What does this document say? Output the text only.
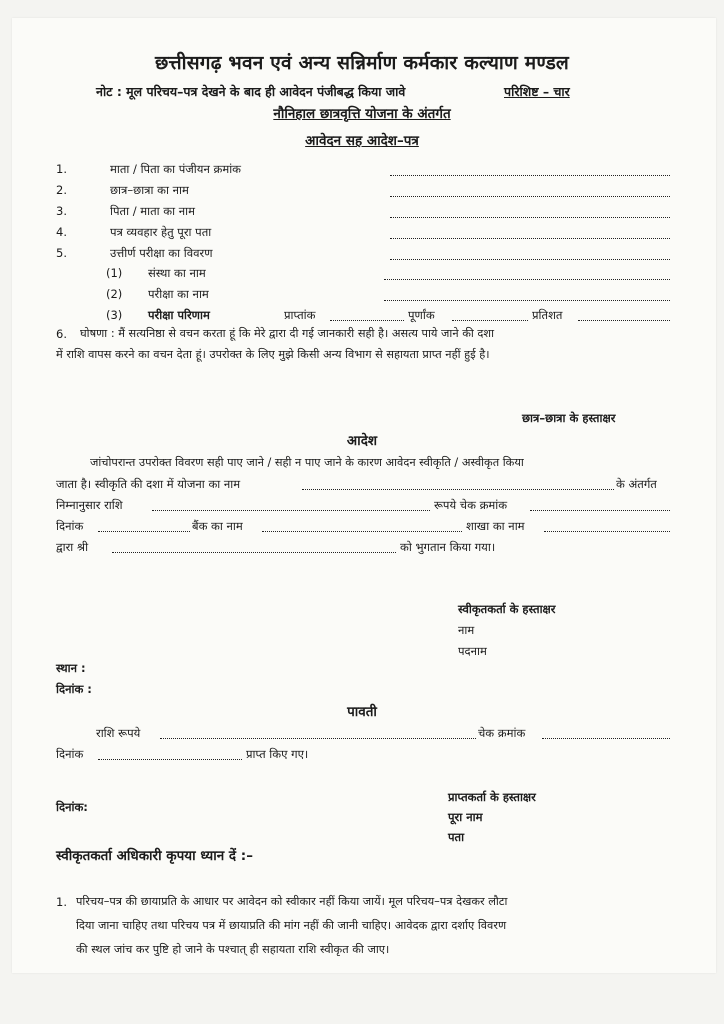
छत्तीसगढ़ भवन एवं अन्य सन्निर्माण कर्मकार कल्याण मण्डल
नोट : मूल परिचय–पत्र देखने के बाद ही आवेदन पंजीबद्ध किया जावे	परिशिष्ट – चार
नौनिहाल छात्रवृत्ति योजना के अंतर्गत
आवेदन सह आदेश–पत्र
1.	माता / पिता का पंजीयन क्रमांक
2.	छात्र–छात्रा का नाम
3.	पिता / माता का नाम
4.	पत्र व्यवहार हेतु पूरा पता
5.	उत्तीर्ण परीक्षा का विवरण
(1) संस्था का नाम
(2) परीक्षा का नाम
(3) परीक्षा परिणाम	प्राप्तांक	पूर्णांक	प्रतिशत
6. घोषणा : मैं सत्यनिष्ठा से वचन करता हूं कि मेरे द्वारा दी गई जानकारी सही है। असत्य पाये जाने की दशा
में राशि वापस करने का वचन देता हूं। उपरोक्त के लिए मुझे किसी अन्य विभाग से सहायता प्राप्त नहीं हुई है।
छात्र–छात्रा के हस्ताक्षर
आदेश
जांचोपरान्त उपरोक्त विवरण सही पाए जाने / सही न पाए जाने के कारण आवेदन स्वीकृति / अस्वीकृत किया
जाता है। स्वीकृति की दशा में योजना का नाम	के अंतर्गत
निम्नानुसार राशि	रूपये चेक क्रमांक
दिनांक	बैंक का नाम	शाखा का नाम
द्वारा श्री	को भुगतान किया गया।
स्वीकृतकर्ता के हस्ताक्षर
नाम
पदनाम
स्थान :
दिनांक :
पावती
राशि रूपये	चेक क्रमांक
दिनांक	प्राप्त किए गए।
प्राप्तकर्ता के हस्ताक्षर
दिनांक:
पूरा नाम
पता
स्वीकृतकर्ता अधिकारी कृपया ध्यान दें :–
1. परिचय–पत्र की छायाप्रति के आधार पर आवेदन को स्वीकार नहीं किया जायें। मूल परिचय–पत्र देखकर लौटा
दिया जाना चाहिए तथा परिचय पत्र में छायाप्रति की मांग नहीं की जानी चाहिए। आवेदक द्वारा दर्शाए विवरण
की स्थल जांच कर पुष्टि हो जाने के पश्चात् ही सहायता राशि स्वीकृत की जाए।
